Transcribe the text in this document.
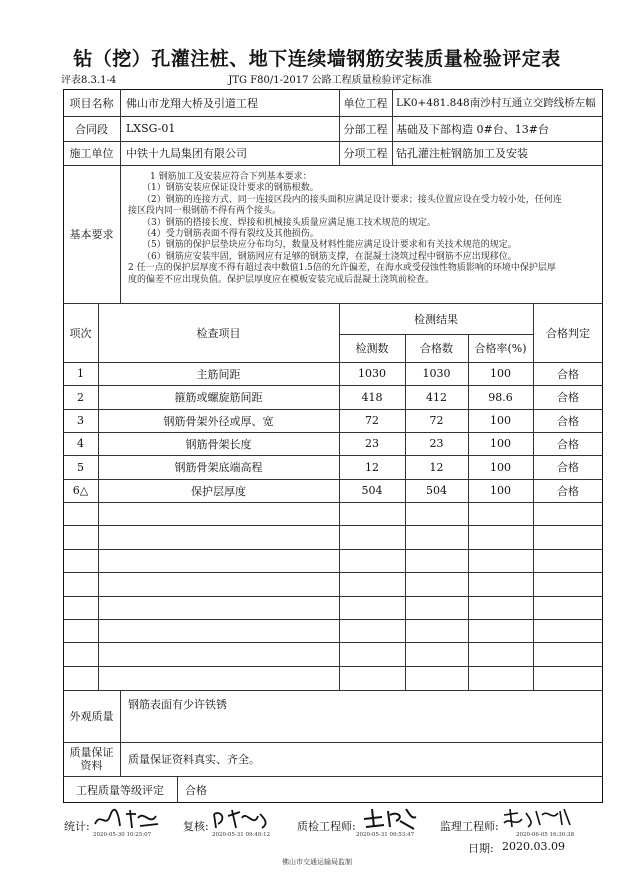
钻（挖）孔灌注桩、地下连续墙钢筋安装质量检验评定表
评表8.3.1-4	JTG F80/1-2017 公路工程质量检验评定标准
项目名称	佛山市龙翔大桥及引道工程	单位工程 LK0+481.848南沙村互通立交跨线桥左幅
合同段	LXSG-01	分部工程 基础及下部构造 0#台、13#台
施工单位	中铁十九局集团有限公司	分项工程 钻孔灌注桩钢筋加工及安装
基本要求
1 钢筋加工及安装应符合下列基本要求：
（1）钢筋安装应保证设计要求的钢筋根数。
（2）钢筋的连接方式、同一连接区段内的接头面积应满足设计要求；接头位置应设在受力较小处，任何连
接区段内同一根钢筋不得有两个接头。
（3）钢筋的搭接长度、焊接和机械接头质量应满足施工技术规范的规定。
（4）受力钢筋表面不得有裂纹及其他损伤。
（5）钢筋的保护层垫块应分布均匀，数量及材料性能应满足设计要求和有关技术规范的规定。
（6）钢筋应安装牢固，钢筋网应有足够的钢筋支撑，在混凝土浇筑过程中钢筋不应出现移位。
2 任一点的保护层厚度不得有超过表中数值1.5倍的允许偏差，在海水或受侵蚀性物质影响的环境中保护层厚
度的偏差不应出现负值。保护层厚度应在模板安装完成后混凝土浇筑前检查。
项次	检查项目
检测结果
检测数	合格数	合格率(%)
合格判定
1	主筋间距	1030	1030	100	合格
2	箍筋或螺旋筋间距	418	412	98.6	合格
3	钢筋骨架外径或厚、宽	72	72	100	合格
4	钢筋骨架长度	23	23	100	合格
5	钢筋骨架底端高程	12	12	100	合格
6△	保护层厚度	504	504	100	合格
外观质量
钢筋表面有少许铁锈
质量保证
资料	质量保证资料真实、齐全。
工程质量等级评定	合格
统计:
2020-05-30 10:25:07
复核:
2020-05-31 09:49:12
质检工程师:
2020-05-31 09:53:47
监理工程师:
2020-06-05 16:30:38
日期: 2020.03.09
佛山市交通运输局监制
